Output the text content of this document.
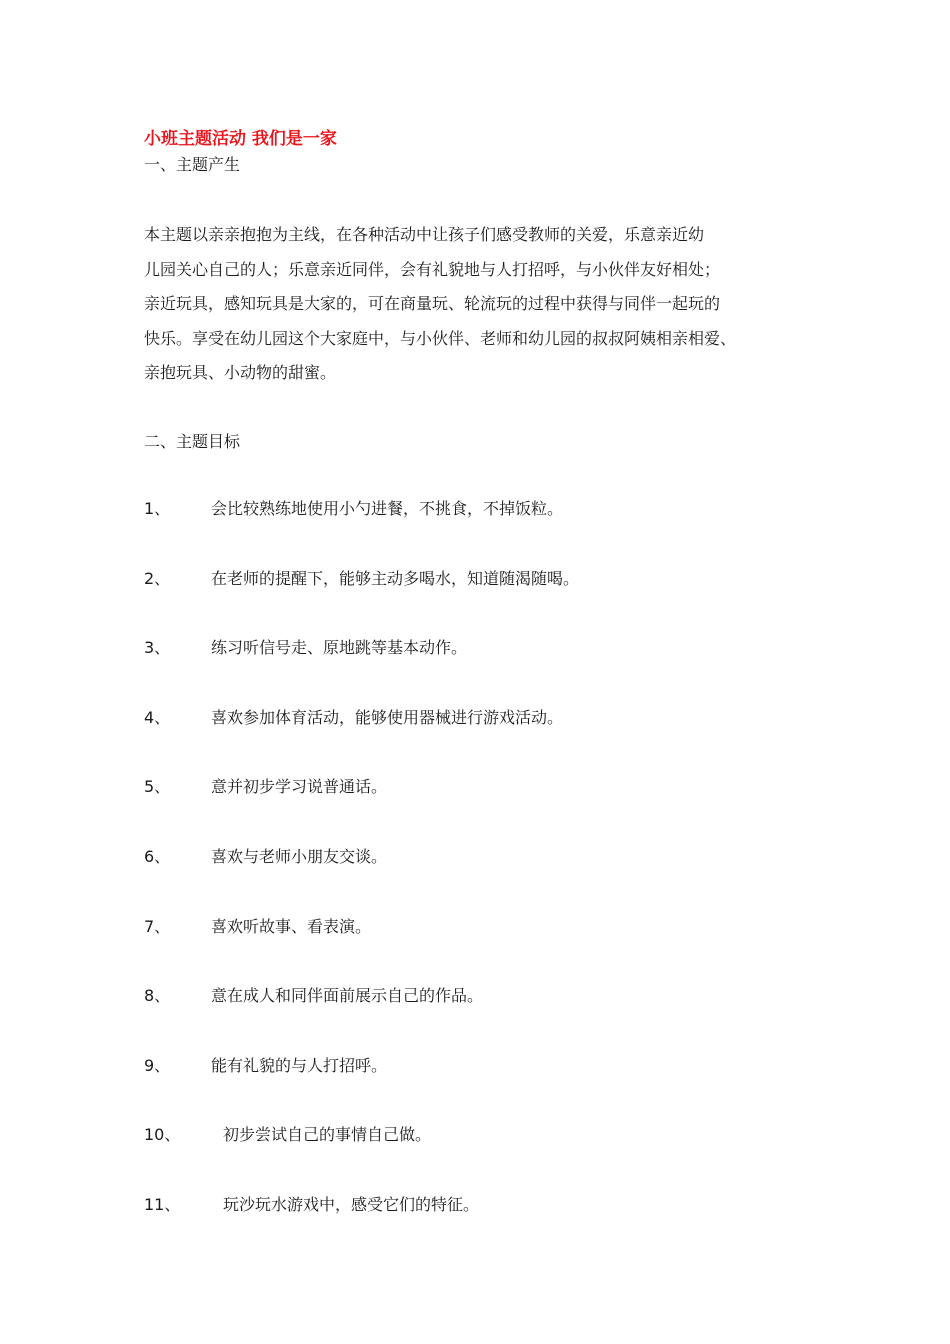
小班主题活动 我们是一家
一、主题产生
本主题以亲亲抱抱为主线，在各种活动中让孩子们感受教师的关爱，乐意亲近幼
儿园关心自己的人；乐意亲近同伴，会有礼貌地与人打招呼，与小伙伴友好相处；
亲近玩具，感知玩具是大家的，可在商量玩、轮流玩的过程中获得与同伴一起玩的
快乐。享受在幼儿园这个大家庭中，与小伙伴、老师和幼儿园的叔叔阿姨相亲相爱、
亲抱玩具、小动物的甜蜜。
二、主题目标
1、	会比较熟练地使用小勺进餐，不挑食，不掉饭粒。
2、	在老师的提醒下，能够主动多喝水，知道随渴随喝。
3、	练习听信号走、原地跳等基本动作。
4、	喜欢参加体育活动，能够使用器械进行游戏活动。
5、	意并初步学习说普通话。
6、	喜欢与老师小朋友交谈。
7、	喜欢听故事、看表演。
8、	意在成人和同伴面前展示自己的作品。
9、	能有礼貌的与人打招呼。
10、	初步尝试自己的事情自己做。
11、	玩沙玩水游戏中，感受它们的特征。
